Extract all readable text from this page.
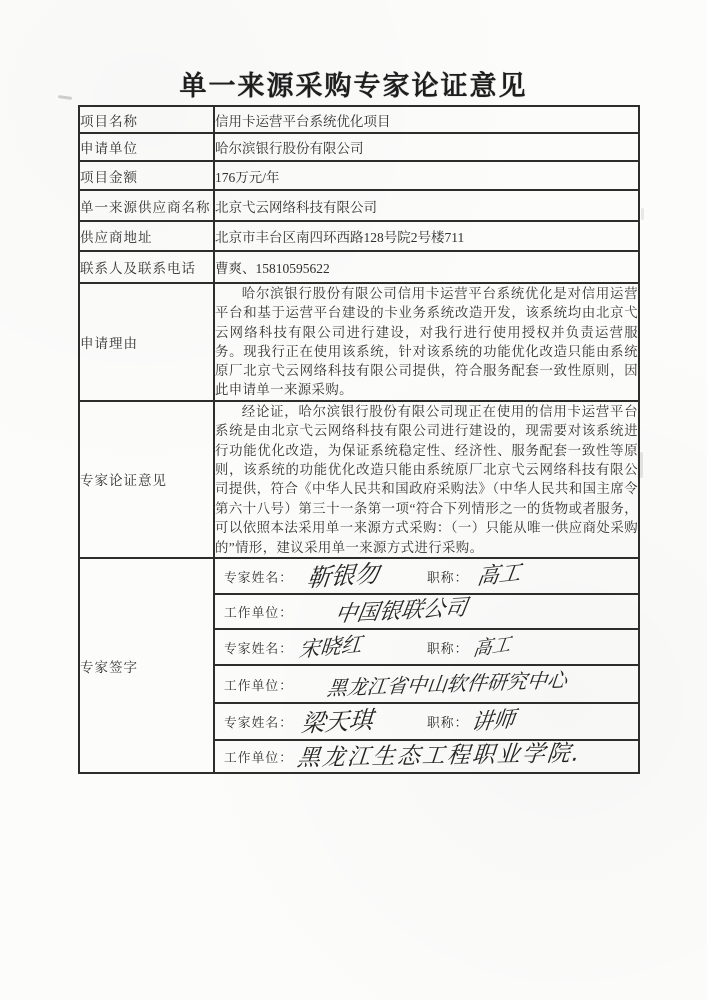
单一来源采购专家论证意见
项目名称	信用卡运营平台系统优化项目
申请单位	哈尔滨银行股份有限公司
项目金额	176万元/年
单一来源供应商名称	北京弋云网络科技有限公司
供应商地址	北京市丰台区南四环西路128号院2号楼711
联系人及联系电话	曹爽、15810595622
申请理由	哈尔滨银行股份有限公司信用卡运营平台系统优化是对信用运营平台和基于运营平台建设的卡业务系统改造开发，该系统均由北京弋云网络科技有限公司进行建设，对我行进行使用授权并负责运营服务。现我行正在使用该系统，针对该系统的功能优化改造只能由系统原厂北京弋云网络科技有限公司提供，符合服务配套一致性原则，因此申请单一来源采购。

专家论证意见	经论证，哈尔滨银行股份有限公司现正在使用的信用卡运营平台系统是由北京弋云网络科技有限公司进行建设的，现需要对该系统进行功能优化改造，为保证系统稳定性、经济性、服务配套一致性等原则，该系统的功能优化改造只能由系统原厂北京弋云网络科技有限公司提供，符合《中华人民共和国政府采购法》（中华人民共和国主席令第六十八号）第三十一条第一项“符合下列情形之一的货物或者服务，可以依照本法采用单一来源方式采购：（一）只能从唯一供应商处采购的”情形，建议采用单一来源方式进行采购。

专家签字	
专家姓名： 靳银勿	职称： 高工
工作单位： 中国银联公司
专家姓名： 宋晓红	职称： 高工
工作单位： 黑龙江省中山软件研究中心
专家姓名： 梁天琪	职称： 讲师
工作单位： 黑龙江生态工程职业学院.
